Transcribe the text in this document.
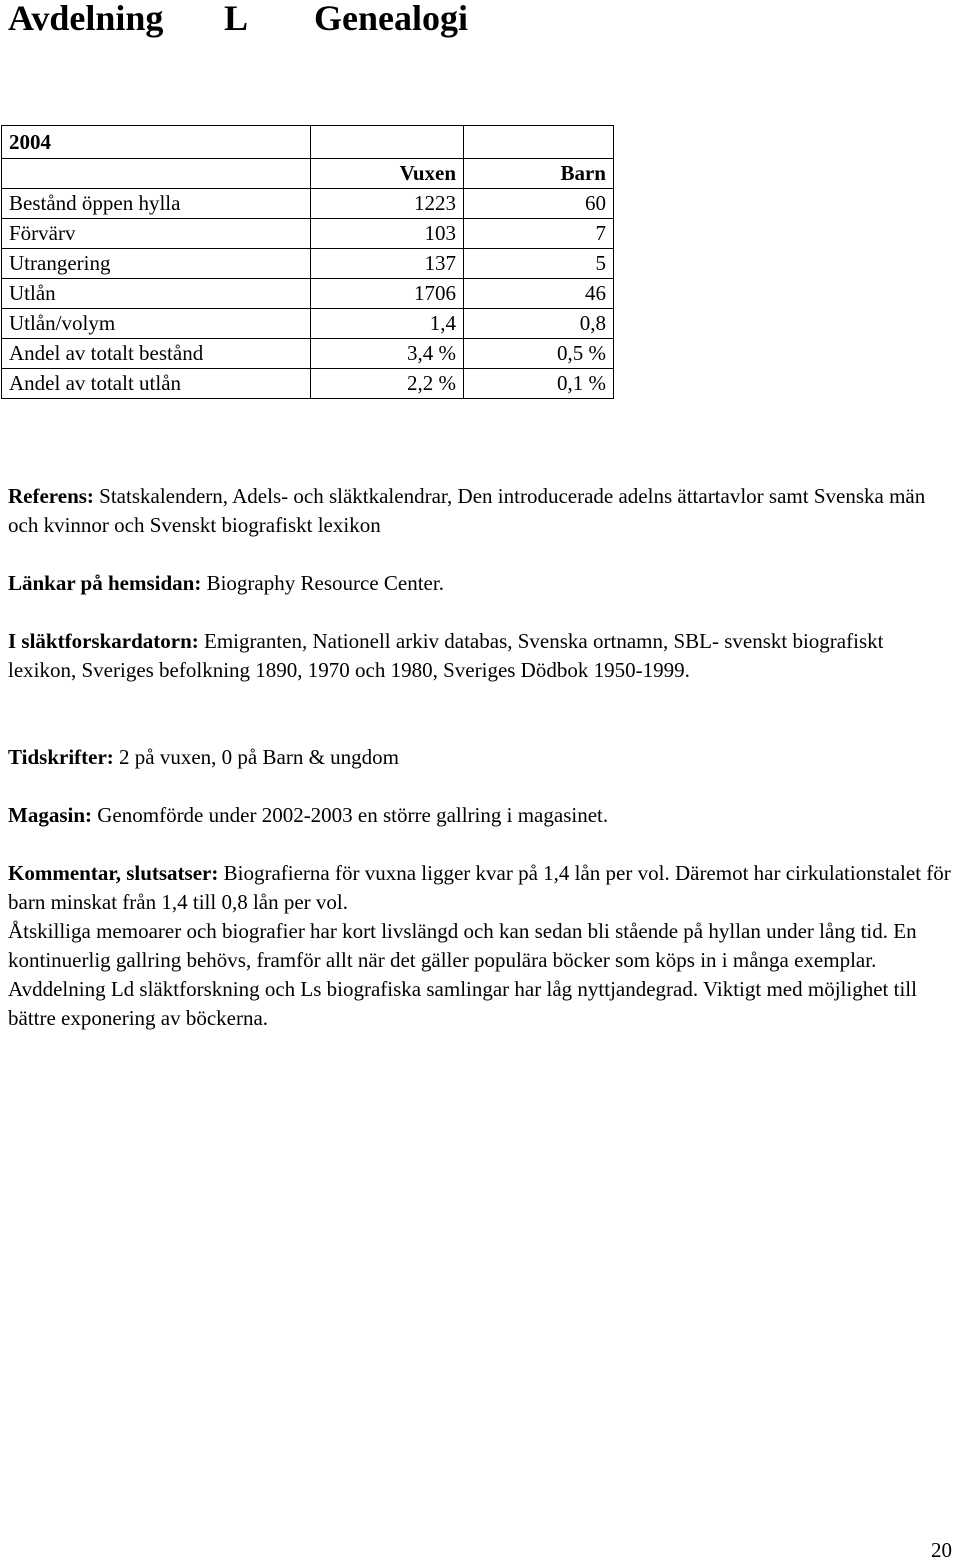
Avdelning L Genealogi
2004		
	Vuxen	Barn
Bestånd öppen hylla	1223	60
Förvärv	103	7
Utrangering	137	5
Utlån	1706	46
Utlån/volym	1,4	0,8
Andel av totalt bestånd	3,4 %	0,5 %
Andel av totalt utlån	2,2 %	0,1 %
Referens: Statskalendern, Adels- och släktkalendrar, Den introducerade adelns ättartavlor samt Svenska män och kvinnor och Svenskt biografiskt lexikon
Länkar på hemsidan: Biography Resource Center.
I släktforskardatorn: Emigranten, Nationell arkiv databas, Svenska ortnamn, SBL- svenskt biografiskt lexikon, Sveriges befolkning 1890, 1970 och 1980, Sveriges Dödbok 1950-1999.
Tidskrifter: 2 på vuxen, 0 på Barn & ungdom
Magasin: Genomförde under 2002-2003 en större gallring i magasinet.
Kommentar, slutsatser: Biografierna för vuxna ligger kvar på 1,4 lån per vol. Däremot har cirkulationstalet för barn minskat från 1,4 till 0,8 lån per vol.
Åtskilliga memoarer och biografier har kort livslängd och kan sedan bli stående på hyllan under lång tid. En kontinuerlig gallring behövs, framför allt när det gäller populära böcker som köps in i många exemplar.
Avddelning Ld släktforskning och Ls biografiska samlingar har låg nyttjandegrad. Viktigt med möjlighet till bättre exponering av böckerna.
20
